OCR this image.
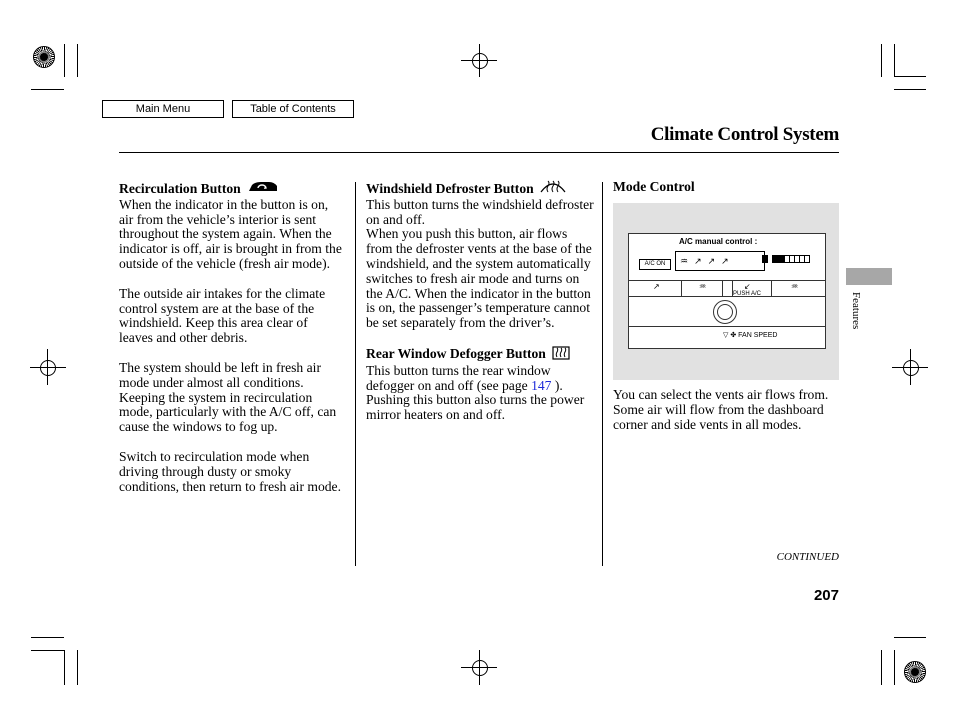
Main Menu	Table of Contents
Climate Control System
Recirculation Button

When the indicator in the button is on, air from the vehicle’s interior is sent throughout the system again. When the indicator is off, air is brought in from the outside of the vehicle (fresh air mode).

The outside air intakes for the climate control system are at the base of the windshield. Keep this area clear of leaves and other debris.

The system should be left in fresh air mode under almost all conditions. Keeping the system in recirculation mode, particularly with the A/C off, can cause the windows to fog up.

Switch to recirculation mode when driving through dusty or smoky conditions, then return to fresh air mode.

Windshield Defroster Button

This button turns the windshield defroster on and off.

When you push this button, air flows from the defroster vents at the base of the windshield, and the system automatically switches to fresh air mode and turns on the A/C. When the indicator in the button is on, the passenger’s temperature cannot be set separately from the driver’s.

Rear Window Defogger Button

This button turns the rear window defogger on and off (see page 147 ). Pushing this button also turns the power mirror heaters on and off.

Mode Control
A/C manual control :
A/C ON	♒↗↗↗
↗	♒	↙	♒
PUSH A/C
▽ ✤ FAN SPEED

You can select the vents air flows from. Some air will flow from the dashboard corner and side vents in all modes.

Features
CONTINUED
207
